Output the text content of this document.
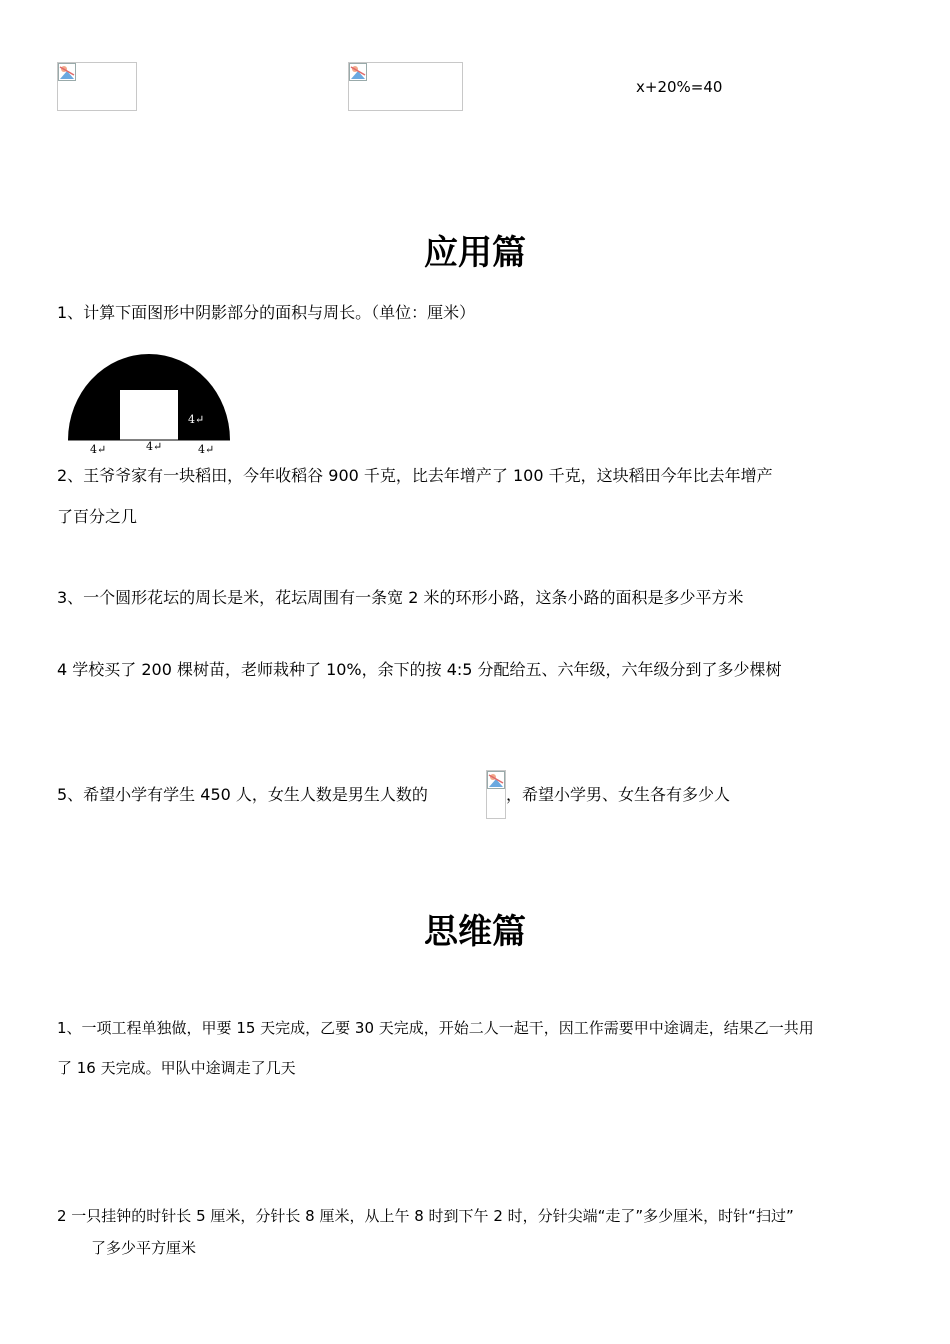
x+20%=40
应用篇
1、计算下面图形中阴影部分的面积与周长。（单位：厘米）
4↵
4↵	4↵	4↵
2、王爷爷家有一块稻田，今年收稻谷 900 千克，比去年增产了 100 千克，这块稻田今年比去年增产
了百分之几
3、一个圆形花坛的周长是米，花坛周围有一条宽 2 米的环形小路，这条小路的面积是多少平方米
4 学校买了 200 棵树苗，老师栽种了 10%，余下的按 4:5 分配给五、六年级，六年级分到了多少棵树
5、希望小学有学生 450 人，女生人数是男生人数的	，希望小学男、女生各有多少人
思维篇
1、一项工程单独做，甲要 15 天完成，乙要 30 天完成，开始二人一起干，因工作需要甲中途调走，结果乙一共用
了 16 天完成。甲队中途调走了几天
2 一只挂钟的时针长 5 厘米，分针长 8 厘米，从上午 8 时到下午 2 时，分针尖端“走了”多少厘米，时针“扫过”
了多少平方厘米
